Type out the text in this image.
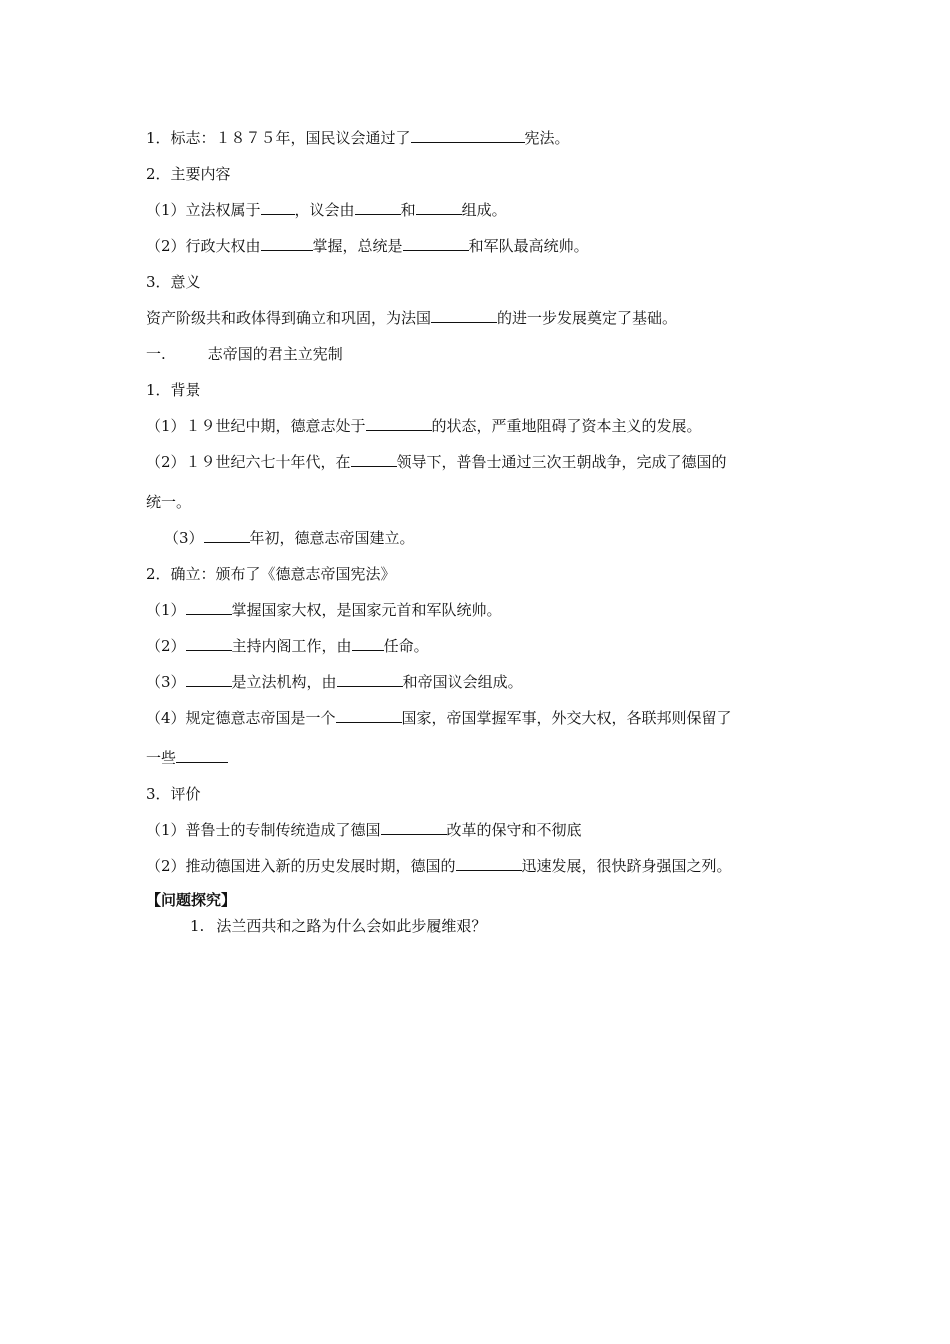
1．标志：１８７５年，国民议会通过了	宪法。
2．主要内容
（1）立法权属于 ，议会由	和	组成。
（2）行政大权由	掌握，总统是	和军队最高统帅。
3．意义
资产阶级共和政体得到确立和巩固，为法国	的进一步发展奠定了基础。
一.	志帝国的君主立宪制
1．背景
（1）１９世纪中期，德意志处于	的状态，严重地阻碍了资本主义的发展。
（2）１９世纪六七十年代，在	领导下，普鲁士通过三次王朝战争，完成了德国的
统一。
（3）	年初，德意志帝国建立。
2．确立：颁布了《德意志帝国宪法》
（1）	掌握国家大权，是国家元首和军队统帅。
（2）	主持内阁工作，由 任命。
（3）	是立法机构，由	和帝国议会组成。
（4）规定德意志帝国是一个	国家，帝国掌握军事，外交大权，各联邦则保留了
一些
3．评价
（1）普鲁士的专制传统造成了德国	改革的保守和不彻底
（2）推动德国进入新的历史发展时期，德国的	迅速发展，很快跻身强国之列。
【问题探究】
1. 法兰西共和之路为什么会如此步履维艰？
